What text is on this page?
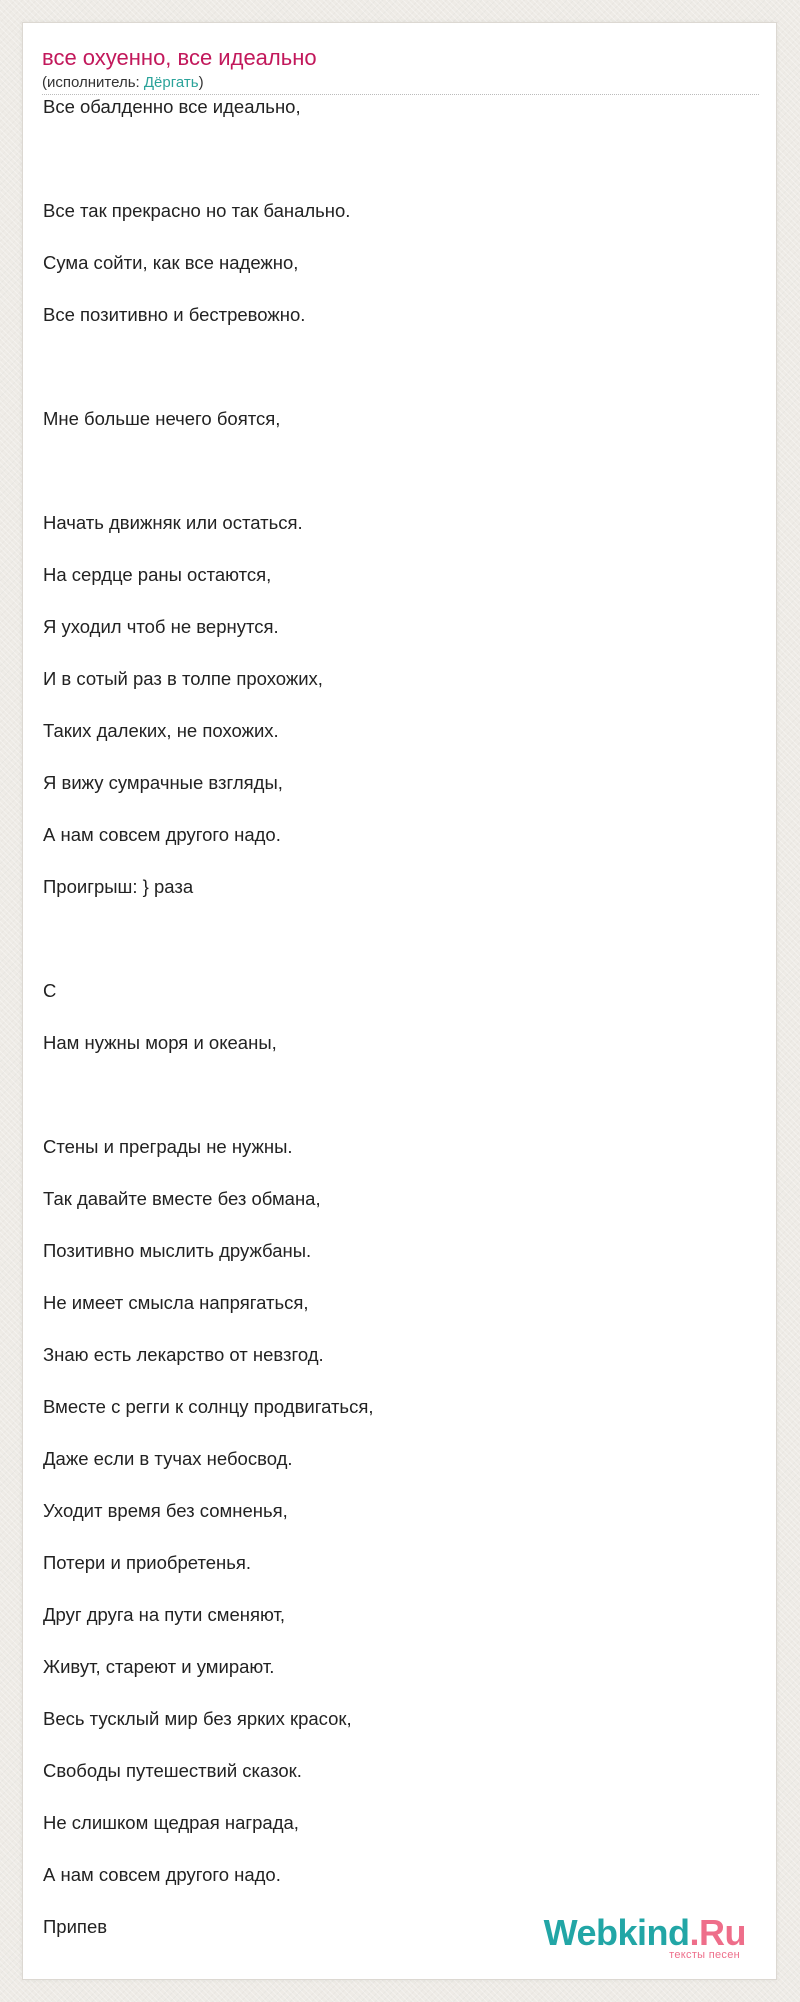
все охуенно, все идеально
(исполнитель: Дёргать)
Все обалденно все идеально,
Все так прекрасно но так банально.
Сума сойти, как все надежно,
Все позитивно и бестревожно.
Мне больше нечего боятся,
Начать движняк или остаться.
На сердце раны остаются,
Я уходил чтоб не вернутся.
И в сотый раз в толпе прохожих,
Таких далеких, не похожих.
Я вижу сумрачные взгляды,
А нам совсем другого надо.
Проигрыш: } раза
С
Нам нужны моря и океаны,
Стены и преграды не нужны.
Так давайте вместе без обмана,
Позитивно мыслить дружбаны.
Не имеет смысла напрягаться,
Знаю есть лекарство от невзгод.
Вместе с регги к солнцу продвигаться,
Даже если в тучах небосвод.
Уходит время без сомненья,
Потери и приобретенья.
Друг друга на пути сменяют,
Живут, стареют и умирают.
Весь тусклый мир без ярких красок,
Свободы путешествий сказок.
Не слишком щедрая награда,
А нам совсем другого надо.
Припев	Webkind.Ru
тексты песен
